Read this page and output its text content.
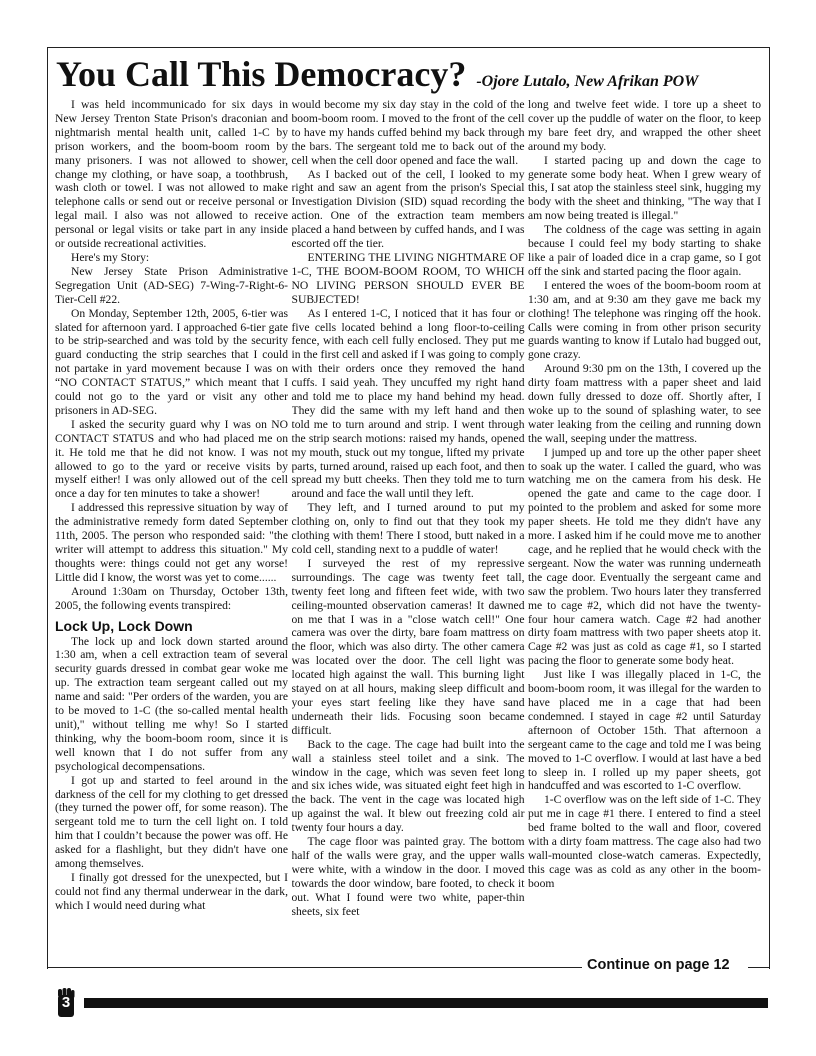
You Call This Democracy? -Ojore Lutalo, New Afrikan POW

I was held incommunicado for six days in New Jersey Trenton State Prison's draconian and nightmarish mental health unit, called 1-C by prison workers, and the boom-boom room by many prisoners. I was not allowed to shower, change my clothing, or have soap, a toothbrush, wash cloth or towel. I was not allowed to make telephone calls or send out or receive personal or legal mail. I also was not allowed to receive personal or legal visits or take part in any inside or outside recreational activities.

Here's my Story:

New Jersey State Prison Administrative Segregation Unit (AD-SEG) 7-Wing-7-Right-6-Tier-Cell #22.

On Monday, September 12th, 2005, 6-tier was slated for afternoon yard. I approached 6-tier gate to be strip-searched and was told by the security guard conducting the strip searches that I could not partake in yard movement because I was on “NO CONTACT STATUS,” which meant that I could not go to the yard or visit any other prisoners in AD-SEG.

I asked the security guard why I was on NO CONTACT STATUS and who had placed me on it. He told me that he did not know. I was not allowed to go to the yard or receive visits by myself either! I was only allowed out of the cell once a day for ten minutes to take a shower!

I addressed this repressive situation by way of the administrative remedy form dated September 11th, 2005. The person who responded said: "the writer will attempt to address this situation." My thoughts were: things could not get any worse! Little did I know, the worst was yet to come......

Around 1:30am on Thursday, October 13th, 2005, the following events transpired:

Lock Up, Lock Down

The lock up and lock down started around 1:30 am, when a cell extraction team of several security guards dressed in combat gear woke me up. The extraction team sergeant called out my name and said: "Per orders of the warden, you are to be moved to 1-C (the so-called mental health unit)," without telling me why! So I started thinking, why the boom-boom room, since it is well known that I do not suffer from any psychological decompensations.

I got up and started to feel around in the darkness of the cell for my clothing to get dressed (they turned the power off, for some reason). The sergeant told me to turn the cell light on. I told him that I couldn’t because the power was off. He asked for a flashlight, but they didn't have one among themselves.

I finally got dressed for the unexpected, but I could not find any thermal underwear in the dark, which I would need during what

would become my six day stay in the cold of the boom-boom room. I moved to the front of the cell to have my hands cuffed behind my back through the bars. The sergeant told me to back out of the cell when the cell door opened and face the wall.

As I backed out of the cell, I looked to my right and saw an agent from the prison's Special Investigation Division (SID) squad recording the action. One of the extraction team members placed a hand between by cuffed hands, and I was escorted off the tier.

ENTERING THE LIVING NIGHTMARE OF 1-C, THE BOOM-BOOM ROOM, TO WHICH NO LIVING PERSON SHOULD EVER BE SUBJECTED!

As I entered 1-C, I noticed that it has four or five cells located behind a long floor-to-ceiling fence, with each cell fully enclosed. They put me in the first cell and asked if I was going to comply with their orders once they removed the hand cuffs. I said yeah. They uncuffed my right hand and told me to place my hand behind my head. They did the same with my left hand and then told me to turn around and strip. I went through the strip search motions: raised my hands, opened my mouth, stuck out my tongue, lifted my private parts, turned around, raised up each foot, and then spread my butt cheeks. Then they told me to turn around and face the wall until they left.

They left, and I turned around to put my clothing on, only to find out that they took my clothing with them! There I stood, butt naked in a cold cell, standing next to a puddle of water!

I surveyed the rest of my repressive surroundings. The cage was twenty feet tall, twenty feet long and fifteen feet wide, with two ceiling-mounted observation cameras! It dawned on me that I was in a "close watch cell!" One camera was over the dirty, bare foam mattress on the floor, which was also dirty. The other camera was located over the door. The cell light was located high against the wall. This burning light stayed on at all hours, making sleep difficult and your eyes start feeling like they have sand underneath their lids. Focusing soon became difficult.

Back to the cage. The cage had built into the wall a stainless steel toilet and a sink. The window in the cage, which was seven feet long and six iches wide, was situated eight feet high in the back. The vent in the cage was located high up against the wal. It blew out freezing cold air twenty four hours a day.

The cage floor was painted gray. The bottom half of the walls were gray, and the upper walls were white, with a window in the door. I moved towards the door window, bare footed, to check it out. What I found were two white, paper-thin sheets, six feet

long and twelve feet wide. I tore up a sheet to cover up the puddle of water on the floor, to keep my bare feet dry, and wrapped the other sheet around my body.

I started pacing up and down the cage to generate some body heat. When I grew weary of this, I sat atop the stainless steel sink, hugging my body with the sheet and thinking, "The way that I am now being treated is illegal."

The coldness of the cage was setting in again because I could feel my body starting to shake like a pair of loaded dice in a crap game, so I got off the sink and started pacing the floor again.

I entered the woes of the boom-boom room at 1:30 am, and at 9:30 am they gave me back my clothing! The telephone was ringing off the hook. Calls were coming in from other prison security guards wanting to know if Lutalo had bugged out, gone crazy.

Around 9:30 pm on the 13th, I covered up the dirty foam mattress with a paper sheet and laid down fully dressed to doze off. Shortly after, I woke up to the sound of splashing water, to see water leaking from the ceiling and running down the wall, seeping under the mattress.

I jumped up and tore up the other paper sheet to soak up the water. I called the guard, who was watching me on the camera from his desk. He opened the gate and came to the cage door. I pointed to the problem and asked for some more paper sheets. He told me they didn't have any more. I asked him if he could move me to another cage, and he replied that he would check with the sergeant. Now the water was running underneath the cage door. Eventually the sergeant came and saw the problem. Two hours later they transferred me to cage #2, which did not have the twenty-four hour camera watch. Cage #2 had another dirty foam mattress with two paper sheets atop it. Cage #2 was just as cold as cage #1, so I started pacing the floor to generate some body heat.

Just like I was illegally placed in 1-C, the boom-boom room, it was illegal for the warden to have placed me in a cage that had been condemned. I stayed in cage #2 until Saturday afternoon of October 15th. That afternoon a sergeant came to the cage and told me I was being moved to 1-C overflow. I would at last have a bed to sleep in. I rolled up my paper sheets, got handcuffed and was escorted to 1-C overflow.

1-C overflow was on the left side of 1-C. They put me in cage #1 there. I entered to find a steel bed frame bolted to the wall and floor, covered with a dirty foam mattress. The cage also had two wall-mounted close-watch cameras. Expectedly, this cage was as cold as any other in the boom-boom

Continue on page 12
3
